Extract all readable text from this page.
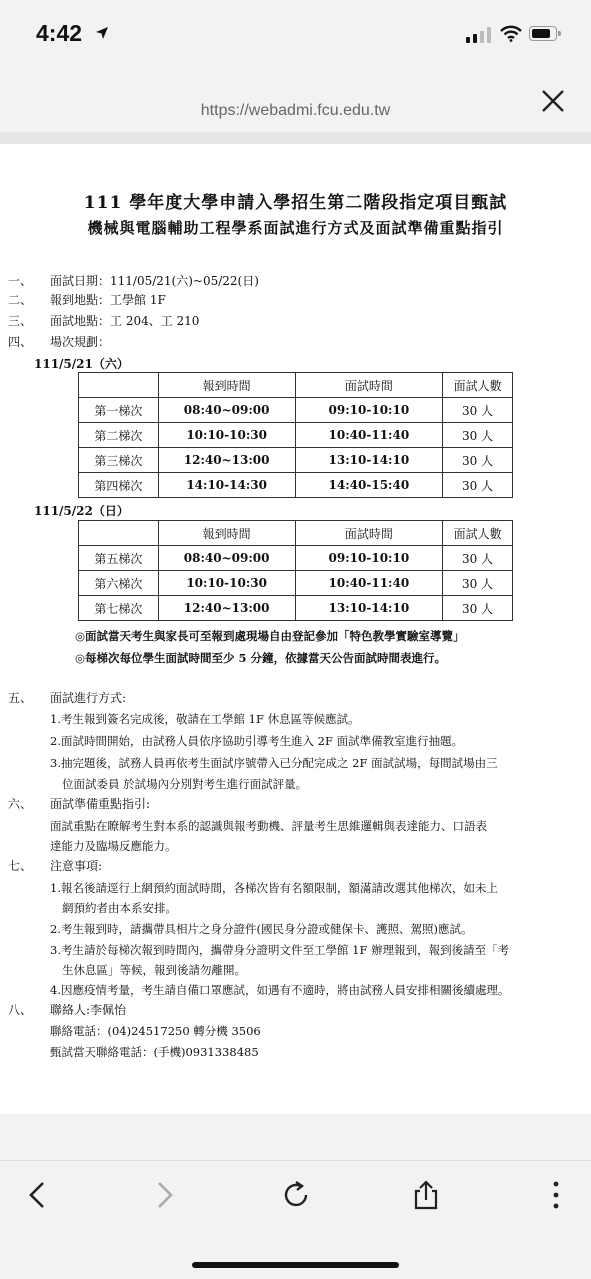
4:42
https://webadmi.fcu.edu.tw
111 學年度大學申請入學招生第二階段指定項目甄試
機械與電腦輔助工程學系面試進行方式及面試準備重點指引
一、 面試日期：111/05/21(六)~05/22(日)
二、 報到地點：工學館 1F
三、 面試地點：工 204、工 210
四、 場次規劃：
111/5/21（六）
	報到時間	面試時間	面試人數
第一梯次	08:40~09:00	09:10-10:10	30 人
第二梯次	10:10-10:30	10:40-11:40	30 人
第三梯次	12:40~13:00	13:10-14:10	30 人
第四梯次	14:10-14:30	14:40-15:40	30 人
111/5/22（日）
	報到時間	面試時間	面試人數
第五梯次	08:40~09:00	09:10-10:10	30 人
第六梯次	10:10-10:30	10:40-11:40	30 人
第七梯次	12:40~13:00	13:10-14:10	30 人
◎面試當天考生與家長可至報到處現場自由登記參加「特色教學實驗室導覽」
◎每梯次每位學生面試時間至少 5 分鐘，依據當天公告面試時間表進行。
五、 面試進行方式:
1.考生報到簽名完成後，敬請在工學館 1F 休息區等候應試。
2.面試時間開始，由試務人員依序協助引導考生進入 2F 面試準備教室進行抽題。
3.抽完題後，試務人員再依考生面試序號帶入已分配完成之 2F 面試試場，每間試場由三
位面試委員 於試場內分別對考生進行面試評量。
六、 面試準備重點指引:
面試重點在瞭解考生對本系的認識與報考動機、評量考生思維邏輯與表達能力、口語表
達能力及臨場反應能力。
七、 注意事項:
1.報名後請逕行上網預約面試時間，各梯次皆有名額限制，額滿請改選其他梯次，如未上
網預約者由本系安排。
2.考生報到時，請攜帶具相片之身分證件(國民身分證或健保卡、護照、駕照)應試。
3.考生請於每梯次報到時間內，攜帶身分證明文件至工學館 1F 辦理報到，報到後請至「考
生休息區」等候，報到後請勿離開。
4.因應疫情考量，考生請自備口罩應試，如遇有不適時，將由試務人員安排相關後續處理。
八、 聯絡人:李佩怡
聯絡電話：(04)24517250 轉分機 3506
甄試當天聯絡電話：(手機)0931338485
